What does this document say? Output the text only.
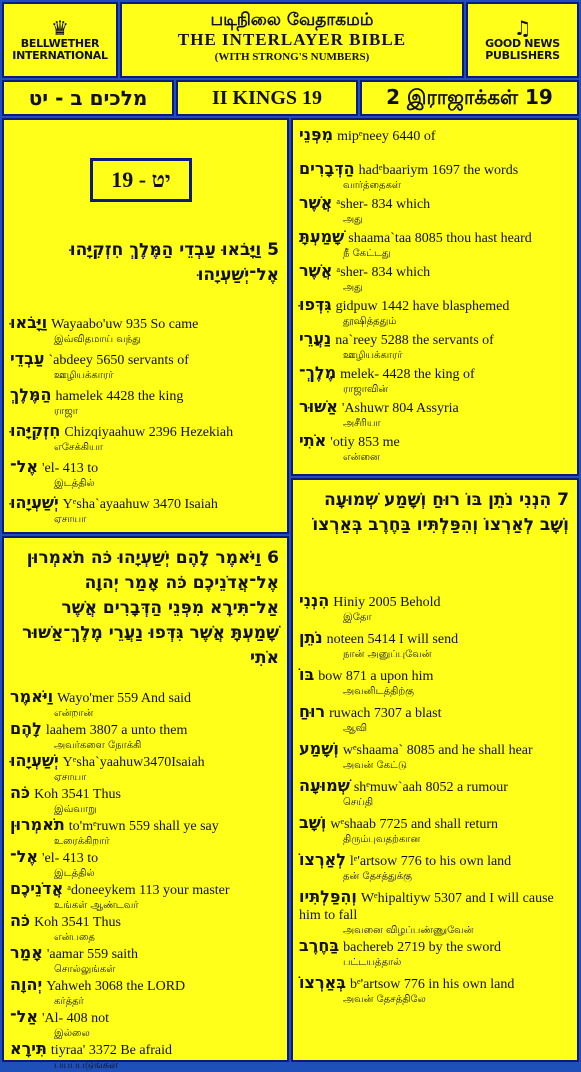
♛
BELLWETHER INTERNATIONAL
படிநிலை வேதாகமம்
THE INTERLAYER BIBLE
(WITH STRONG'S NUMBERS)
♫
GOOD NEWS PUBLISHERS
מלכים ב - יט	II KINGS 19	2 இராஜாக்கள் 19
יט - 19
5 וַיָּבֹאוּ עַבְדֵי הַמֶּלֶךְ חִזְקִיָּהוּ אֶל־יְשַׁעְיָהוּ
וַיָּבֹאוּ Wayaabo'uw 935 So came
இவ்விதமாய் வந்து
עַבְדֵי `abdeey 5650 servants of
ஊழியக்காரர்
הַמֶּלֶךְ hamelek 4428 the king
ராஜா
חִזְקִיָּהוּ Chizqiyaahuw 2396 Hezekiah
எசேக்கியா
אֶל־ 'el- 413 to
இடத்தில்
יְשַׁעְיָהוּ Yᵉsha`ayaahuw 3470 Isaiah
ஏசாயா
6 וַיֹּאמֶר לָהֶם יְשַׁעְיָהוּ כֹּה תֹאמְרוּן אֶל־אֲדֹנֵיכֶם כֹּה אָמַר יְהוָה אַל־תִּירָא מִפְּנֵי הַדְּבָרִים אֲשֶׁר שָׁמַעְתָּ אֲשֶׁר גִּדְּפוּ נַעֲרֵי מֶלֶךְ־אַשּׁוּר אֹתִי
וַיֹּאמֶר Wayo'mer 559 And said
என்றான்
לָהֶם laahem 3807 a unto them
அவர்களை நோக்கி
יְשַׁעְיָהוּ Yᵉsha`yaahuw3470Isaiah
ஏசாயா
כֹּה Koh 3541 Thus
இவ்வாறு
תֹאמְרוּן to'mᵉruwn 559 shall ye say
உரைக்கிறார்
אֶל־ 'el- 413 to
இடத்தில்
אֲדֹנֵיכֶם ᵃdoneeykem 113 your master
உங்கள் ஆண்டவர்
כֹּה Koh 3541 Thus
என்பதை
אָמַר 'aamar 559 saith
சொல்லுங்கள்
יְהוָה Yahweh 3068 the LORD
கர்த்தர்
אַל־ 'Al- 408 not
இல்லை
תִּירָא tiyraa' 3372 Be afraid
பயப்படுங்கள்
מִפְּנֵי mipᵉneey 6440 of
הַדְּבָרִים hadᵉbaariym 1697 the words
வார்த்தைகள்
אֲשֶׁר ᵃsher- 834 which
அது
שָׁמַעְתָּ shaama`taa 8085 thou hast heard
நீ கேட்டது
אֲשֶׁר ᵃsher- 834 which
அது
גִּדְּפוּ gidpuw 1442 have blasphemed
தூஷித்ததும்
נַעֲרֵי na`reey 5288 the servants of
ஊழியக்காரர்
מֶלֶךְ־ melek- 4428 the king of
ராஜாவின்
אַשּׁוּר 'Ashuwr 804 Assyria
அசீரியா
אֹתִי 'otiy 853 me
என்னை
7 הִנְנִי נֹתֵן בּוֹ רוּחַ וְשָׁמַע שְׁמוּעָה וְשָׁב לְאַרְצוֹ וְהִפַּלְתִּיו בַּחֶרֶב בְּאַרְצוֹ
הִנְנִי Hiniy 2005 Behold
இதோ
נֹתֵן noteen 5414 I will send
நான் அனுப்புவேன்
בּוֹ bow 871 a upon him
அவனிடத்திற்கு
רוּחַ ruwach 7307 a blast
ஆவி
וְשָׁמַע wᵉshaama` 8085 and he shall hear
அவன் கேட்டு
שְׁמוּעָה shᵉmuw`aah 8052 a rumour
செய்தி
וְשָׁב wᵉshaab 7725 and shall return
திரும்புவதற்கான
לְאַרְצוֹ lᵉ'artsow 776 to his own land
தன் தேசத்துக்கு
וְהִפַּלְתִּיו Wᵉhipaltiyw 5307 and I will cause him to fall
அவனை விழப்பண்ணுவேன்
בַּחֶרֶב bachereb 2719 by the sword
பட்டயத்தால்
בְּאַרְצוֹ bᵉ'artsow 776 in his own land
அவன் தேசத்திலே
